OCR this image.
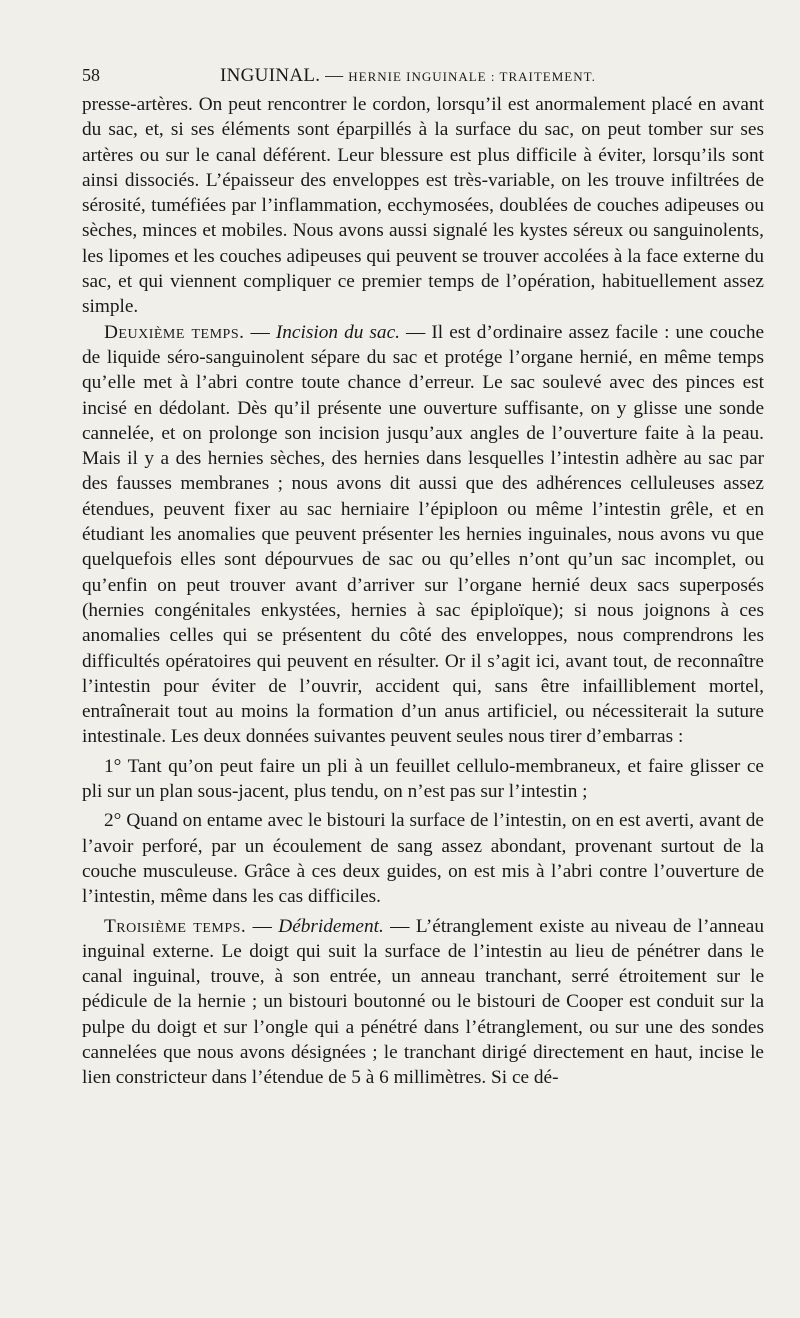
58	INGUINAL. — HERNIE INGUINALE : TRAITEMENT.

presse-artères. On peut rencontrer le cordon, lorsqu’il est anormalement placé en avant du sac, et, si ses éléments sont éparpillés à la surface du sac, on peut tomber sur ses artères ou sur le canal déférent. Leur blessure est plus difficile à éviter, lorsqu’ils sont ainsi dissociés. L’épaisseur des enveloppes est très-variable, on les trouve infiltrées de sérosité, tuméfiées par l’inflammation, ecchymosées, doublées de couches adipeuses ou sèches, minces et mobiles. Nous avons aussi signalé les kystes séreux ou sanguinolents, les lipomes et les couches adipeuses qui peuvent se trouver accolées à la face externe du sac, et qui viennent compliquer ce premier temps de l’opération, habituellement assez simple.

Deuxième temps. — Incision du sac. — Il est d’ordinaire assez facile : une couche de liquide séro-sanguinolent sépare du sac et protége l’organe hernié, en même temps qu’elle met à l’abri contre toute chance d’erreur. Le sac soulevé avec des pinces est incisé en dédolant. Dès qu’il présente une ouverture suffisante, on y glisse une sonde cannelée, et on prolonge son incision jusqu’aux angles de l’ouverture faite à la peau. Mais il y a des hernies sèches, des hernies dans lesquelles l’intestin adhère au sac par des fausses membranes ; nous avons dit aussi que des adhérences celluleuses assez étendues, peuvent fixer au sac herniaire l’épiploon ou même l’intestin grêle, et en étudiant les anomalies que peuvent présenter les hernies inguinales, nous avons vu que quelquefois elles sont dépourvues de sac ou qu’elles n’ont qu’un sac incomplet, ou qu’enfin on peut trouver avant d’arriver sur l’organe hernié deux sacs superposés (hernies congénitales enkystées, hernies à sac épiploïque); si nous joignons à ces anomalies celles qui se présentent du côté des enveloppes, nous comprendrons les difficultés opératoires qui peuvent en résulter. Or il s’agit ici, avant tout, de reconnaître l’intestin pour éviter de l’ouvrir, accident qui, sans être infailliblement mortel, entraînerait tout au moins la formation d’un anus artificiel, ou nécessiterait la suture intestinale. Les deux données suivantes peuvent seules nous tirer d’embarras :

1° Tant qu’on peut faire un pli à un feuillet cellulo-membraneux, et faire glisser ce pli sur un plan sous-jacent, plus tendu, on n’est pas sur l’intestin ;

2° Quand on entame avec le bistouri la surface de l’intestin, on en est averti, avant de l’avoir perforé, par un écoulement de sang assez abondant, provenant surtout de la couche musculeuse. Grâce à ces deux guides, on est mis à l’abri contre l’ouverture de l’intestin, même dans les cas difficiles.

Troisième temps. — Débridement. — L’étranglement existe au niveau de l’anneau inguinal externe. Le doigt qui suit la surface de l’intestin au lieu de pénétrer dans le canal inguinal, trouve, à son entrée, un anneau tranchant, serré étroitement sur le pédicule de la hernie ; un bistouri boutonné ou le bistouri de Cooper est conduit sur la pulpe du doigt et sur l’ongle qui a pénétré dans l’étranglement, ou sur une des sondes cannelées que nous avons désignées ; le tranchant dirigé directement en haut, incise le lien constricteur dans l’étendue de 5 à 6 millimètres. Si ce dé-
